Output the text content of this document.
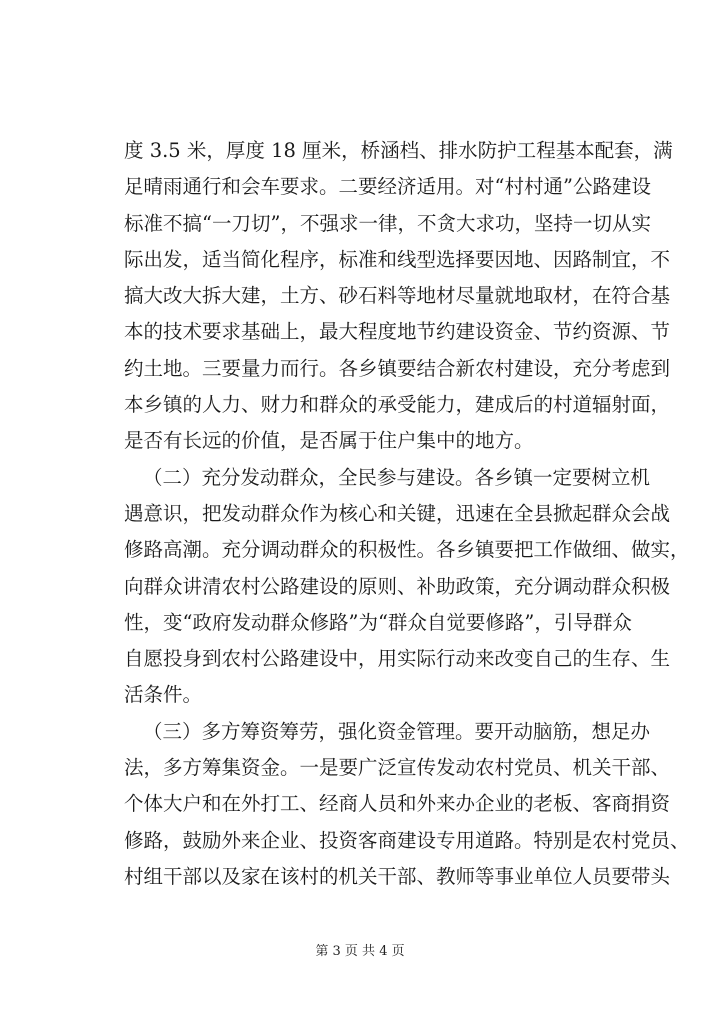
度 3.5 米，厚度 18 厘米，桥涵档、排水防护工程基本配套，满
足晴雨通行和会车要求。二要经济适用。对“村村通”公路建设
标准不搞“一刀切”，不强求一律，不贪大求功，坚持一切从实
际出发，适当简化程序，标准和线型选择要因地、因路制宜，不
搞大改大拆大建，土方、砂石料等地材尽量就地取材，在符合基
本的技术要求基础上，最大程度地节约建设资金、节约资源、节
约土地。三要量力而行。各乡镇要结合新农村建设，充分考虑到
本乡镇的人力、财力和群众的承受能力，建成后的村道辐射面，
是否有长远的价值，是否属于住户集中的地方。
（二）充分发动群众，全民参与建设。各乡镇一定要树立机
遇意识，把发动群众作为核心和关键，迅速在全县掀起群众会战
修路高潮。充分调动群众的积极性。各乡镇要把工作做细、做实，
向群众讲清农村公路建设的原则、补助政策，充分调动群众积极
性，变“政府发动群众修路”为“群众自觉要修路”，引导群众
自愿投身到农村公路建设中，用实际行动来改变自己的生存、生
活条件。
（三）多方筹资筹劳，强化资金管理。要开动脑筋，想足办
法，多方筹集资金。一是要广泛宣传发动农村党员、机关干部、
个体大户和在外打工、经商人员和外来办企业的老板、客商捐资
修路，鼓励外来企业、投资客商建设专用道路。特别是农村党员、
村组干部以及家在该村的机关干部、教师等事业单位人员要带头
第 3 页 共 4 页
